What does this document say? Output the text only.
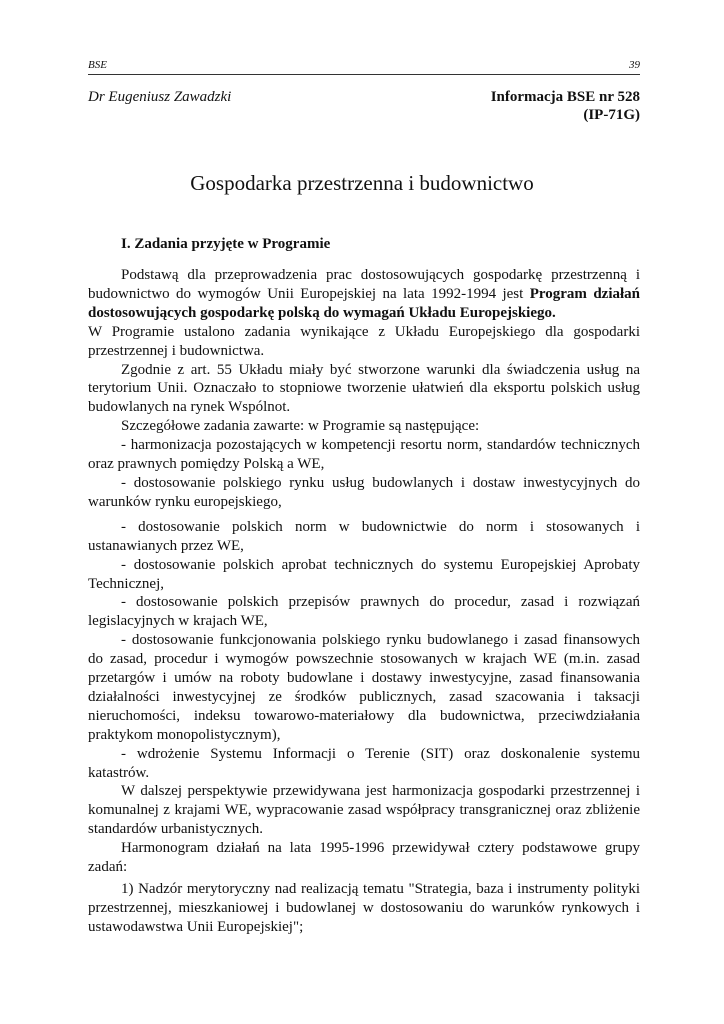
BSE	39
Dr Eugeniusz Zawadzki	Informacja BSE nr 528
(IP-71G)
Gospodarka przestrzenna i budownictwo
I. Zadania przyjęte w Programie

Podstawą dla przeprowadzenia prac dostosowujących gospodarkę przestrzenną i budownictwo do wymogów Unii Europejskiej na lata 1992-1994 jest Program działań dostosowujących gospodarkę polską do wymagań Układu Europejskiego.

W Programie ustalono zadania wynikające z Układu Europejskiego dla gospodarki przestrzennej i budownictwa.

Zgodnie z art. 55 Układu miały być stworzone warunki dla świadczenia usług na terytorium Unii. Oznaczało to stopniowe tworzenie ułatwień dla eksportu polskich usług budowlanych na rynek Wspólnot.

Szczegółowe zadania zawarte: w Programie są następujące:

- harmonizacja pozostających w kompetencji resortu norm, standardów technicznych oraz prawnych pomiędzy Polską a WE,

- dostosowanie polskiego rynku usług budowlanych i dostaw inwestycyjnych do warunków rynku europejskiego,

- dostosowanie polskich norm w budownictwie do norm i stosowanych i ustanawianych przez WE,

- dostosowanie polskich aprobat technicznych do systemu Europejskiej Aprobaty Technicznej,

- dostosowanie polskich przepisów prawnych do procedur, zasad i rozwiązań legislacyjnych w krajach WE,

- dostosowanie funkcjonowania polskiego rynku budowlanego i zasad finansowych do zasad, procedur i wymogów powszechnie stosowanych w krajach WE (m.in. zasad przetargów i umów na roboty budowlane i dostawy inwestycyjne, zasad finansowania działalności inwestycyjnej ze środków publicznych, zasad szacowania i taksacji nieruchomości, indeksu towarowo-materiałowy dla budownictwa, przeciwdziałania praktykom monopolistycznym),

- wdrożenie Systemu Informacji o Terenie (SIT) oraz doskonalenie systemu katastrów.

W dalszej perspektywie przewidywana jest harmonizacja gospodarki przestrzennej i komunalnej z krajami WE, wypracowanie zasad współpracy transgranicznej oraz zbliżenie standardów urbanistycznych.

Harmonogram działań na lata 1995-1996 przewidywał cztery podstawowe grupy zadań:

1) Nadzór merytoryczny nad realizacją tematu "Strategia, baza i instrumenty polityki przestrzennej, mieszkaniowej i budowlanej w dostosowaniu do warunków rynkowych i ustawodawstwa Unii Europejskiej";
